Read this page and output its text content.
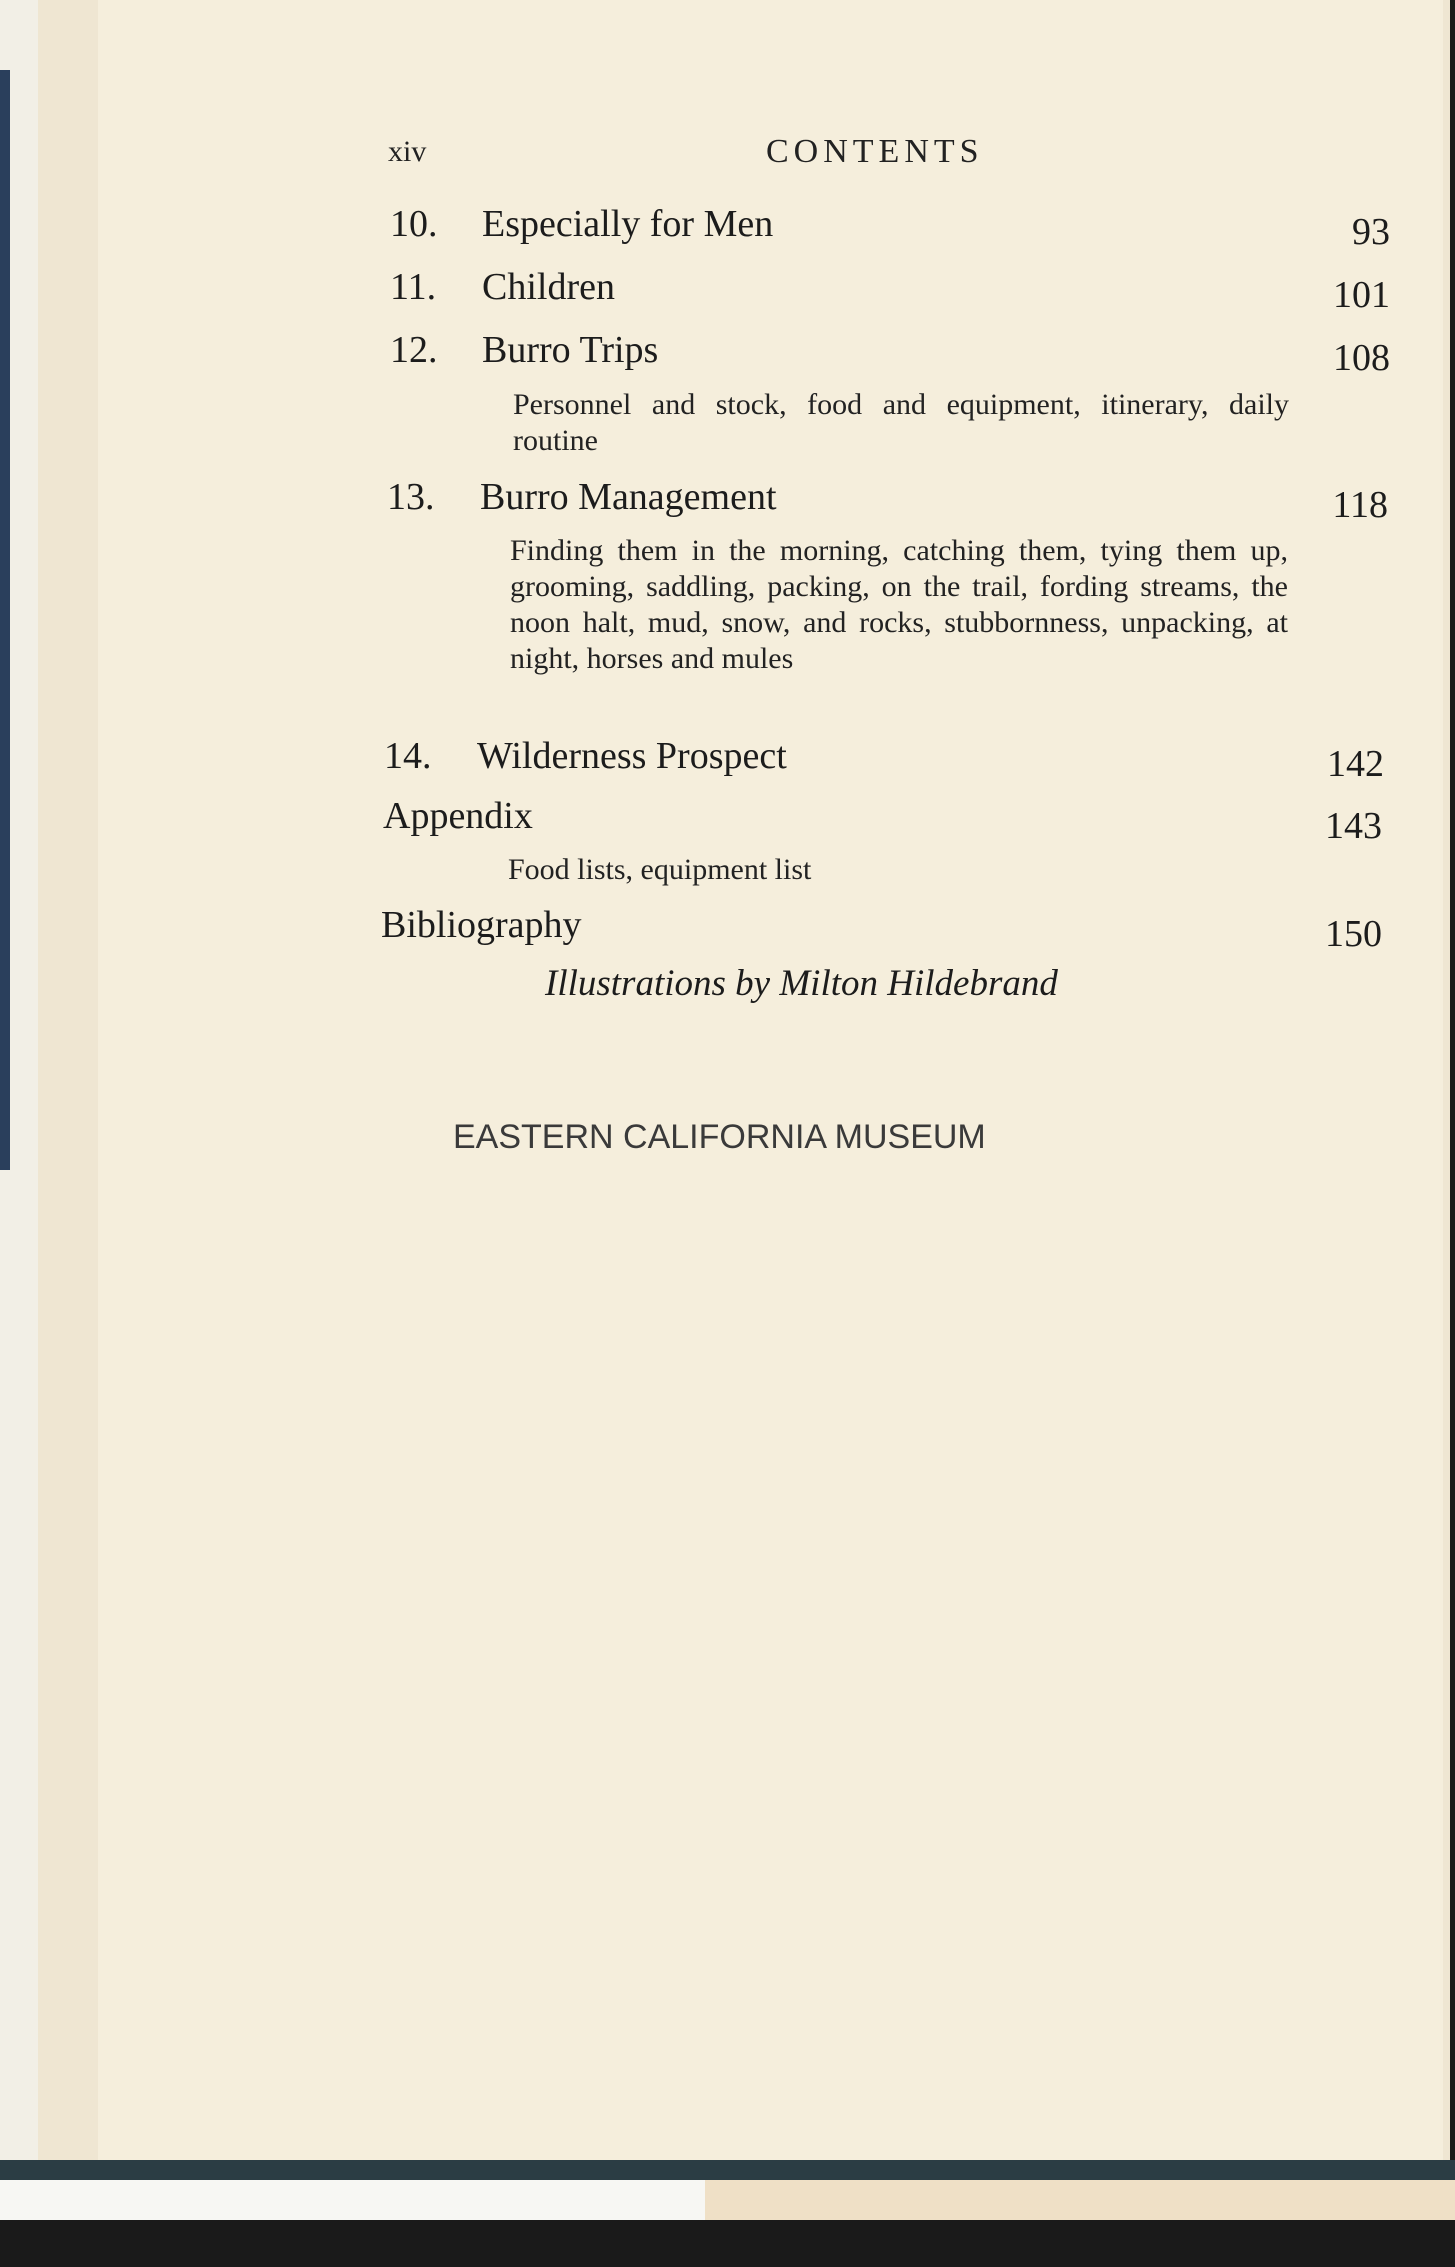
xiv	CONTENTS
10. Especially for Men	93
11. Children	101
12. Burro Trips	108
Personnel and stock, food and equipment, itinerary, daily routine
13. Burro Management	118
Finding them in the morning, catching them, tying them up, grooming, saddling, packing, on the trail, fording streams, the noon halt, mud, snow, and rocks, stubbornness, unpacking, at night, horses and mules
14. Wilderness Prospect	142
Appendix	143
Food lists, equipment list
Bibliography	150
Illustrations by Milton Hildebrand
EASTERN CALIFORNIA MUSEUM
